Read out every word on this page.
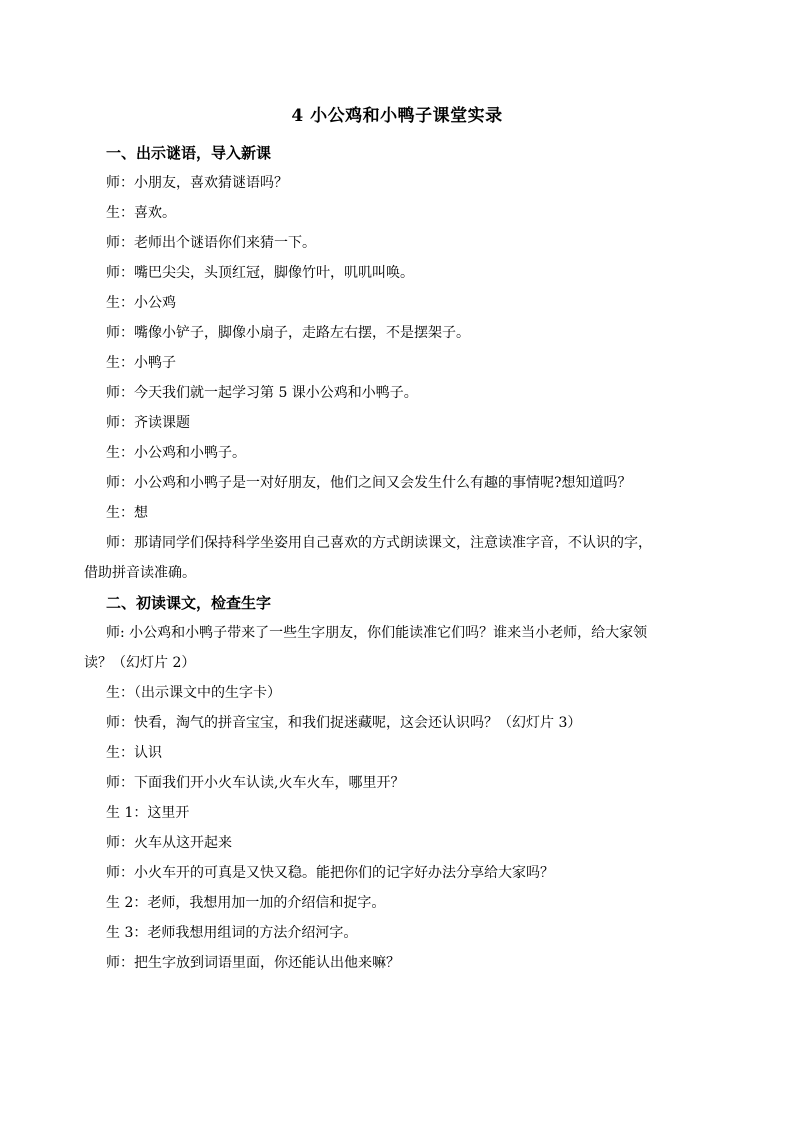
4 小公鸡和小鸭子课堂实录
一、出示谜语，导入新课
师：小朋友，喜欢猜谜语吗？
生：喜欢。
师：老师出个谜语你们来猜一下。
师：嘴巴尖尖，头顶红冠，脚像竹叶，叽叽叫唤。
生：小公鸡
师：嘴像小铲子，脚像小扇子，走路左右摆，不是摆架子。
生：小鸭子
师：今天我们就一起学习第 5 课小公鸡和小鸭子。
师：齐读课题
生：小公鸡和小鸭子。
师：小公鸡和小鸭子是一对好朋友，他们之间又会发生什么有趣的事情呢?想知道吗？
生：想
师：那请同学们保持科学坐姿用自己喜欢的方式朗读课文，注意读准字音，不认识的字，
借助拼音读准确。
二、初读课文，检查生字
师: 小公鸡和小鸭子带来了一些生字朋友，你们能读准它们吗？谁来当小老师，给大家领
读？（幻灯片 2）
生：（出示课文中的生字卡）
师：快看，淘气的拼音宝宝，和我们捉迷藏呢，这会还认识吗？（幻灯片 3）
生：认识
师：下面我们开小火车认读,火车火车，哪里开？
生 1：这里开
师：火车从这开起来
师：小火车开的可真是又快又稳。能把你们的记字好办法分享给大家吗？
生 2：老师，我想用加一加的介绍信和捉字。
生 3：老师我想用组词的方法介绍河字。
师：把生字放到词语里面，你还能认出他来嘛？
